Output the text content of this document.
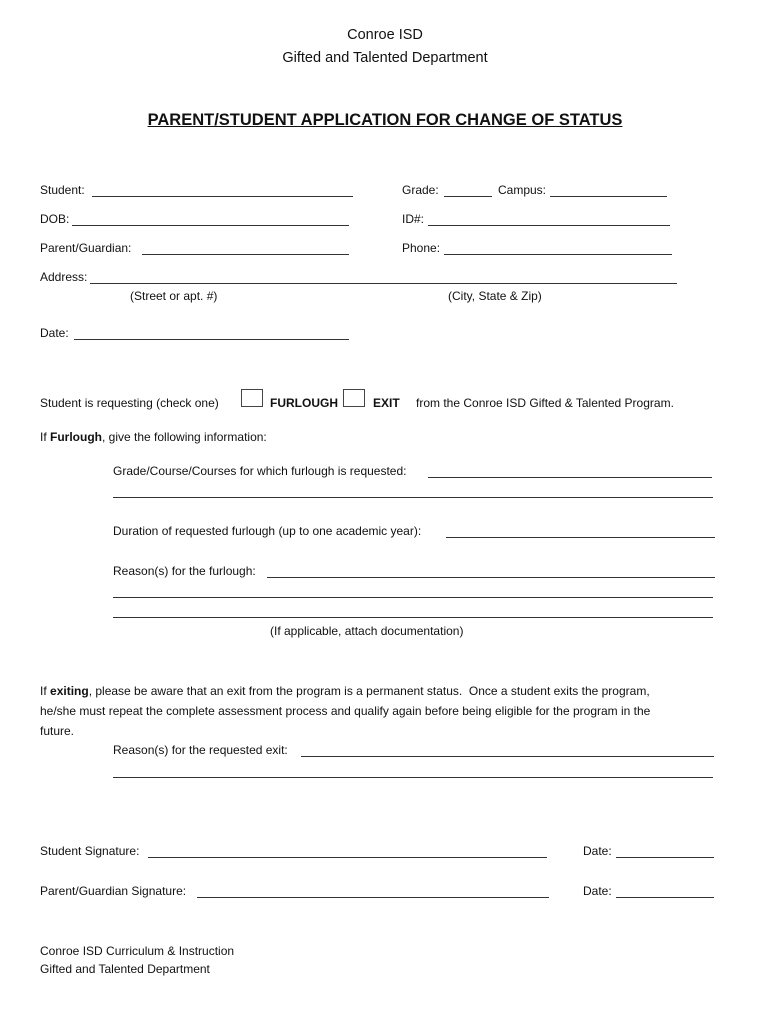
Conroe ISD
Gifted and Talented Department
PARENT/STUDENT APPLICATION FOR CHANGE OF STATUS
Student:	Grade:	Campus:
DOB:	ID#:
Parent/Guardian:	Phone:
Address:
(Street or apt. #)	(City, State & Zip)
Date:
Student is requesting (check one)	FURLOUGH	EXIT from the Conroe ISD Gifted & Talented Program.
If Furlough, give the following information:
Grade/Course/Courses for which furlough is requested:
Duration of requested furlough (up to one academic year):
Reason(s) for the furlough:
(If applicable, attach documentation)
If exiting, please be aware that an exit from the program is a permanent status.  Once a student exits the program,
he/she must repeat the complete assessment process and qualify again before being eligible for the program in the
future.
Reason(s) for the requested exit:
Student Signature:	Date:
Parent/Guardian Signature:	Date:
Conroe ISD Curriculum & Instruction
Gifted and Talented Department
